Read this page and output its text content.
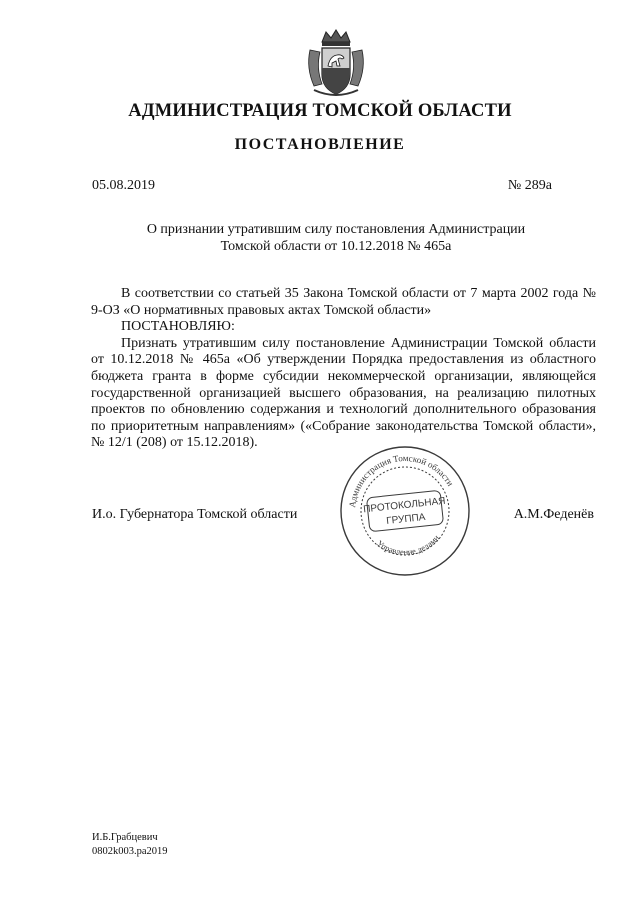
АДМИНИСТРАЦИЯ ТОМСКОЙ ОБЛАСТИ
ПОСТАНОВЛЕНИЕ
05.08.2019	№ 289а
О признании утратившим силу постановления Администрации
Томской области от 10.12.2018 № 465а

В соответствии со статьей 35 Закона Томской области от 7 марта 2002 года № 9-ОЗ «О нормативных правовых актах Томской области»

ПОСТАНОВЛЯЮ:

Признать утратившим силу постановление Администрации Томской области от 10.12.2018 № 465а «Об утверждении Порядка предоставления из областного бюджета гранта в форме субсидии некоммерческой организации, являющейся государственной организацией высшего образования, на реализацию пилотных проектов по обновлению содержания и технологий дополнительного образования по приоритетным направлениям» («Собрание законодательства Томской области», № 12/1 (208) от 15.12.2018).

И.о. Губернатора Томской области	А.М.Феденёв
Администрация Томской области
Управление делами
ПРОТОКОЛЬНАЯ
ГРУППА
И.Б.Грабцевич
0802k003.ра2019
